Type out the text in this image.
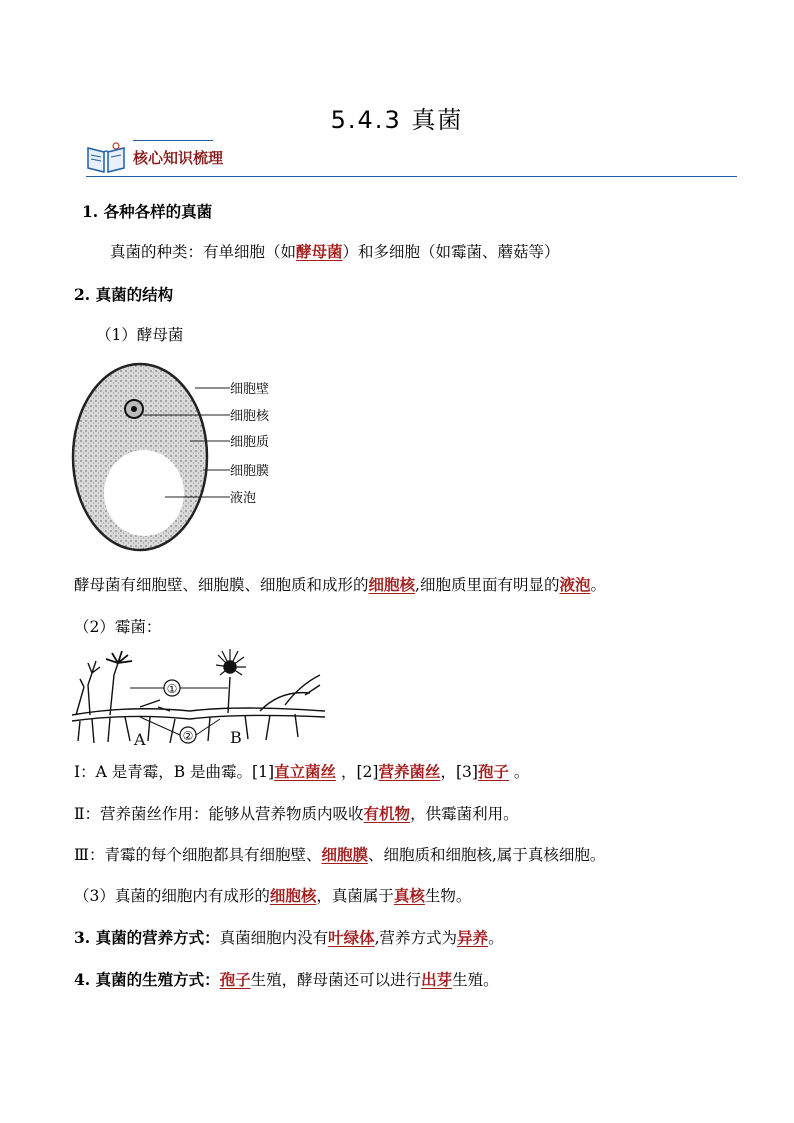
5.4.3 真菌
核心知识梳理
1. 各种各样的真菌
真菌的种类：有单细胞（如酵母菌）和多细胞（如霉菌、蘑菇等）
2. 真菌的结构
（1）酵母菌
细胞壁
细胞核
细胞质
细胞膜
液泡
酵母菌有细胞壁、细胞膜、细胞质和成形的细胞核,细胞质里面有明显的液泡。
（2）霉菌：
①
②
A	B
Ⅰ：A 是青霉，B 是曲霉。[1]直立菌丝 ，[2]营养菌丝，[3]孢子 。
Ⅱ：营养菌丝作用：能够从营养物质内吸收有机物，供霉菌利用。
Ⅲ：青霉的每个细胞都具有细胞壁、细胞膜、细胞质和细胞核,属于真核细胞。
（3）真菌的细胞内有成形的细胞核，真菌属于真核生物。
3. 真菌的营养方式：真菌细胞内没有叶绿体,营养方式为异养。
4. 真菌的生殖方式：孢子生殖，酵母菌还可以进行出芽生殖。
